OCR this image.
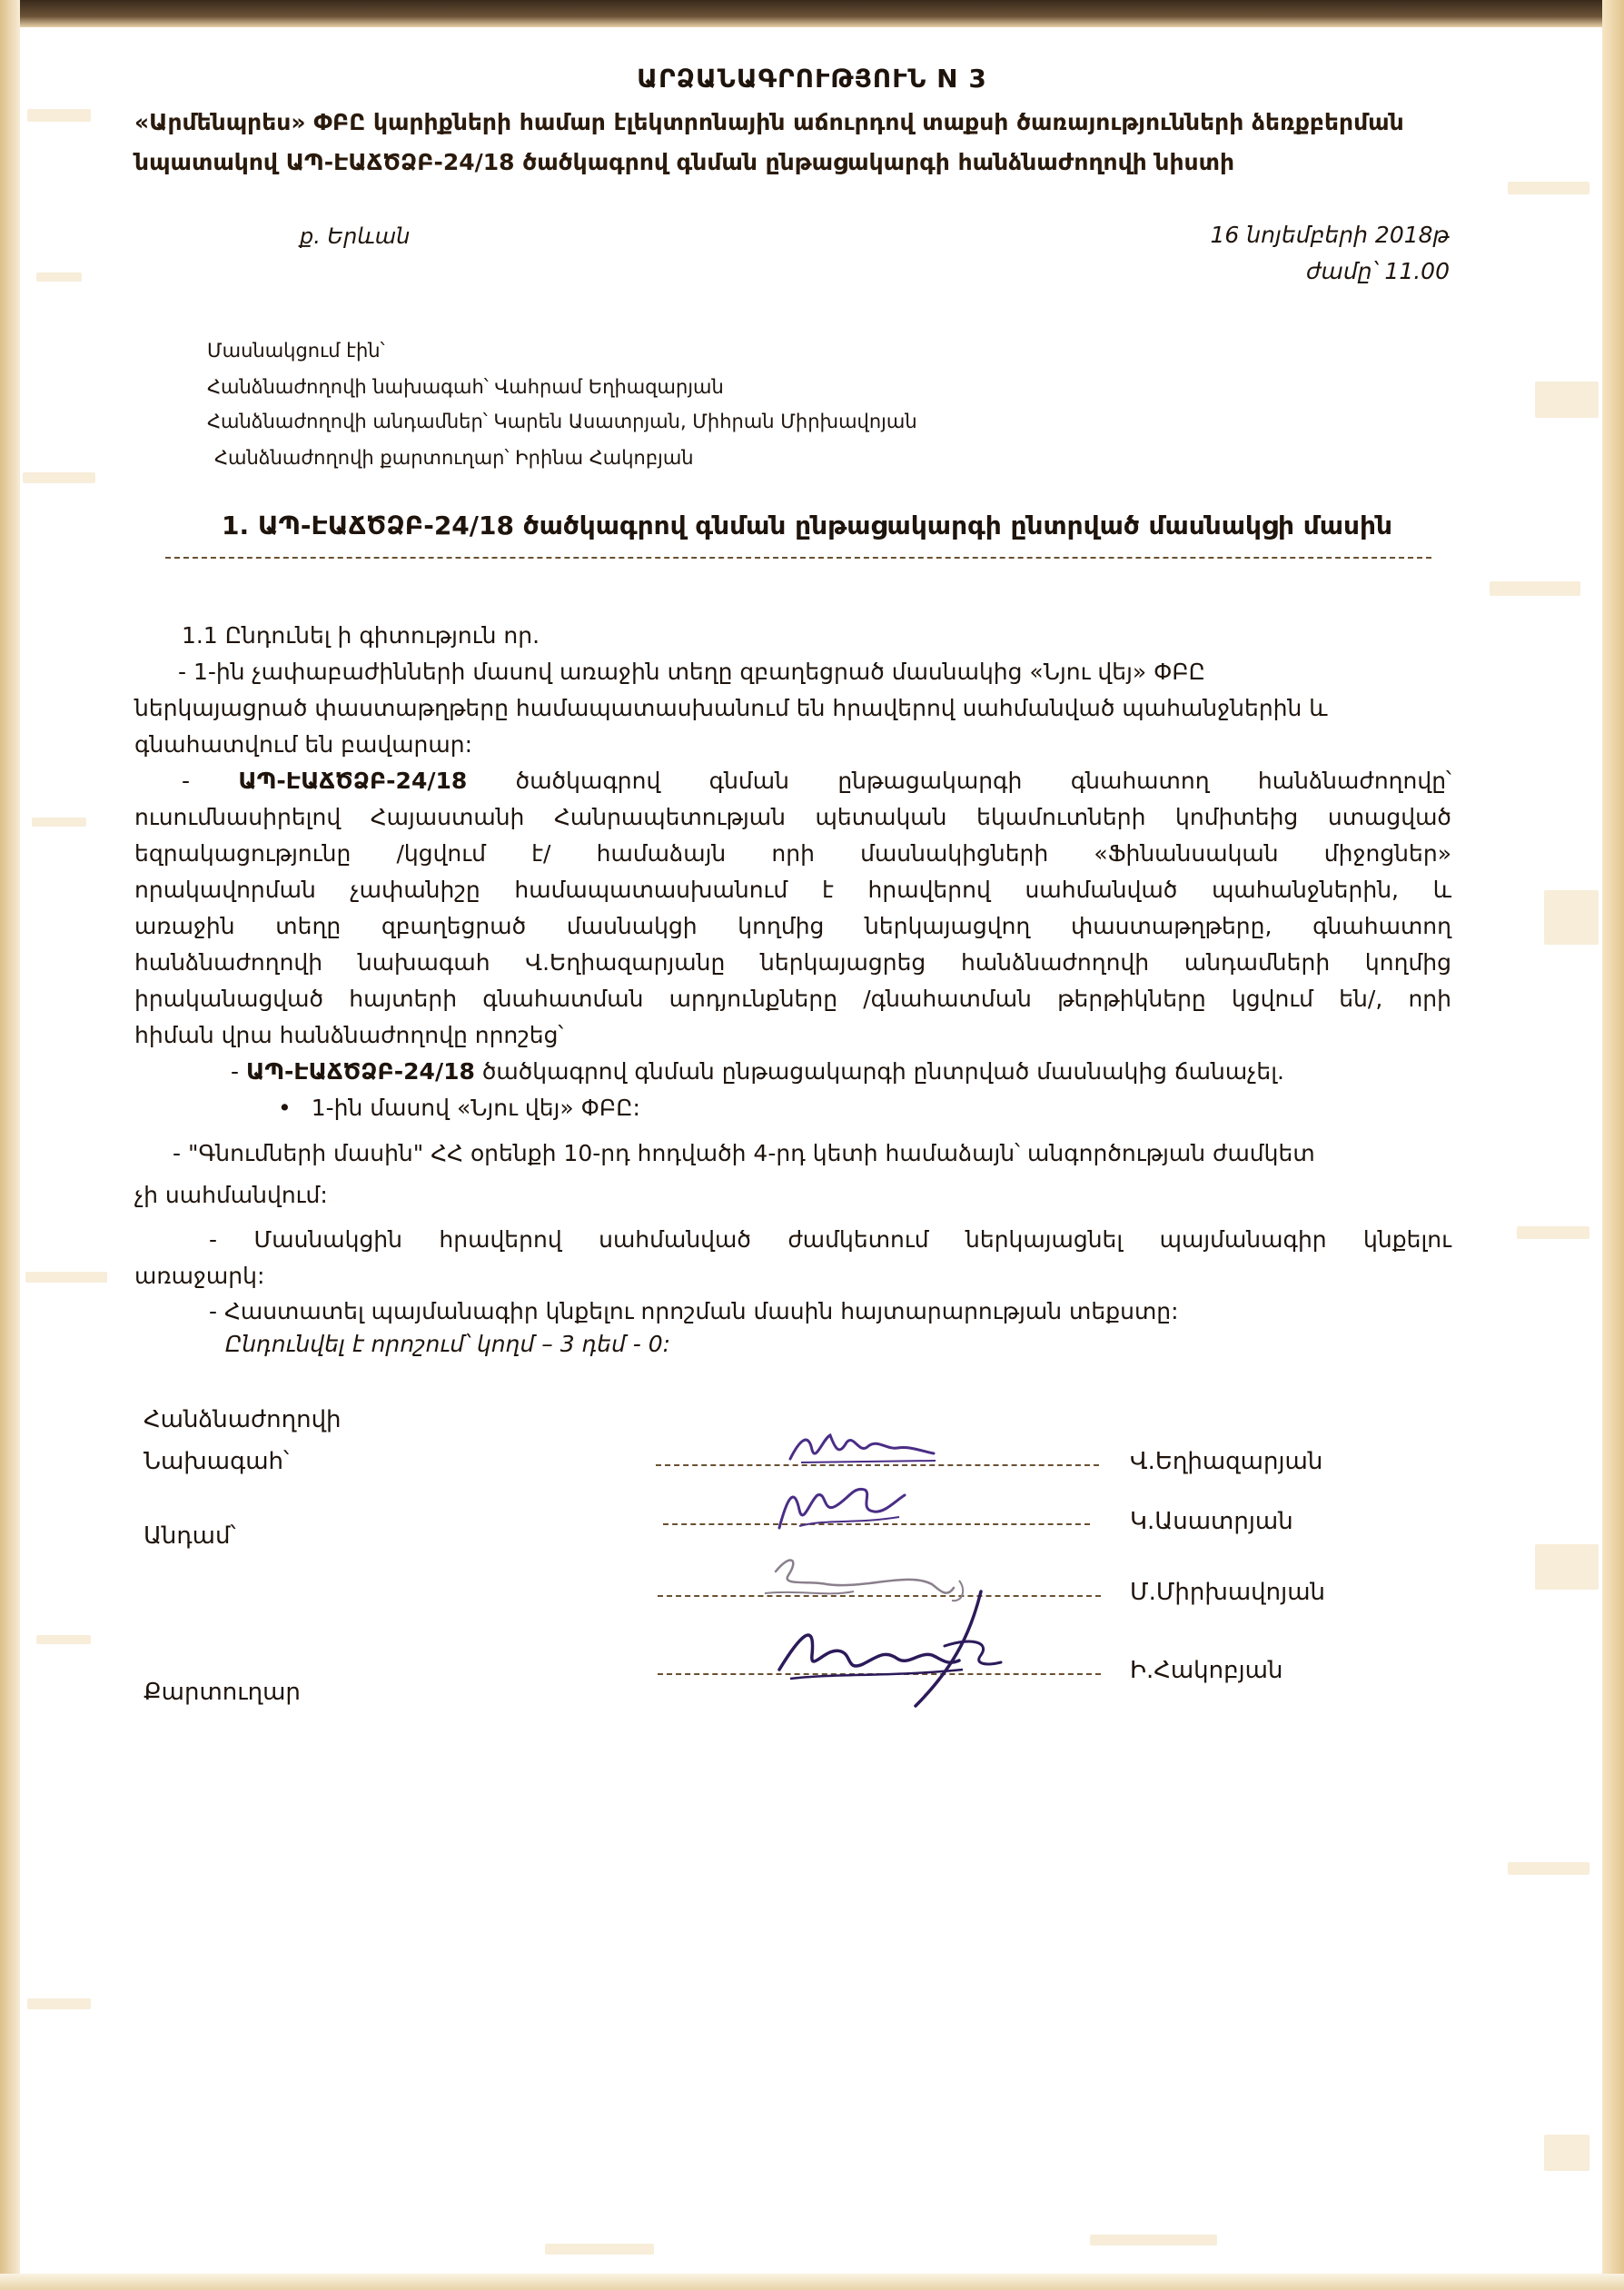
ԱՐՁԱՆԱԳՐՈՒԹՅՈՒՆ N 3
«Արմենպրես» ՓԲԸ կարիքների համար էլեկտրոնային աճուրդով տաքսի ծառայությունների ձեռքբերման
նպատակով ԱՊ-ԷԱՃԾՁԲ-24/18 ծածկագրով գնման ընթացակարգի հանձնաժողովի նիստի
ք. Երևան	16 նոյեմբերի 2018թ
ժամը՝ 11.00
Մասնակցում էին՝
Հանձնաժողովի նախագահ՝ Վահրամ Եղիազարյան
Հանձնաժողովի անդամներ՝ Կարեն Ասատրյան, Միհրան Միրխավոյան
Հանձնաժողովի քարտուղար՝ Իրինա Հակոբյան
1. ԱՊ-ԷԱՃԾՁԲ-24/18 ծածկագրով գնման ընթացակարգի ընտրված մասնակցի մասին
1.1 Ընդունել ի գիտություն որ.
- 1-ին չափաբաժինների մասով առաջին տեղը զբաղեցրած մասնակից «Նյու վեյ» ՓԲԸ
ներկայացրած փաստաթղթերը համապատասխանում են հրավերով սահմանված պահանջներին և
գնահատվում են բավարար:
- ԱՊ-ԷԱՃԾՁԲ-24/18 ծածկագրով գնման ընթացակարգի գնահատող հանձնաժողովը՝
ուսումնասիրելով Հայաստանի Հանրապետության պետական եկամուտների կոմիտեից ստացված
եզրակացությունը /կցվում է/ համաձայն որի մասնակիցների «Ֆինանսական միջոցներ»
որակավորման չափանիշը համապատասխանում է հրավերով սահմանված պահանջներին, և
առաջին տեղը զբաղեցրած մասնակցի կողմից ներկայացվող փաստաթղթերը, գնահատող
հանձնաժողովի նախագահ Վ.Եղիազարյանը ներկայացրեց հանձնաժողովի անդամների կողմից
իրականացված հայտերի գնահատման արդյունքները /գնահատման թերթիկները կցվում են/, որի
հիման վրա հանձնաժողովը որոշեց՝
- ԱՊ-ԷԱՃԾՁԲ-24/18 ծածկագրով գնման ընթացակարգի ընտրված մասնակից ճանաչել.
• 1-ին մասով «Նյու վեյ» ՓԲԸ:
- "Գնումների մասին" ՀՀ օրենքի 10-րդ հոդվածի 4-րդ կետի համաձայն՝ անգործության ժամկետ
չի սահմանվում:
- Մասնակցին հրավերով սահմանված ժամկետում ներկայացնել պայմանագիր կնքելու
առաջարկ:
- Հաստատել պայմանագիր կնքելու որոշման մասին հայտարարության տեքստը:
Ընդունվել է որոշում՝ կողմ – 3 դեմ - 0:
Հանձնաժողովի
Նախագահ՝
Անդամ՝
Քարտուղար
Վ.Եղիազարյան
Կ.Ասատրյան
Մ.Միրխավոյան
Ի.Հակոբյան
